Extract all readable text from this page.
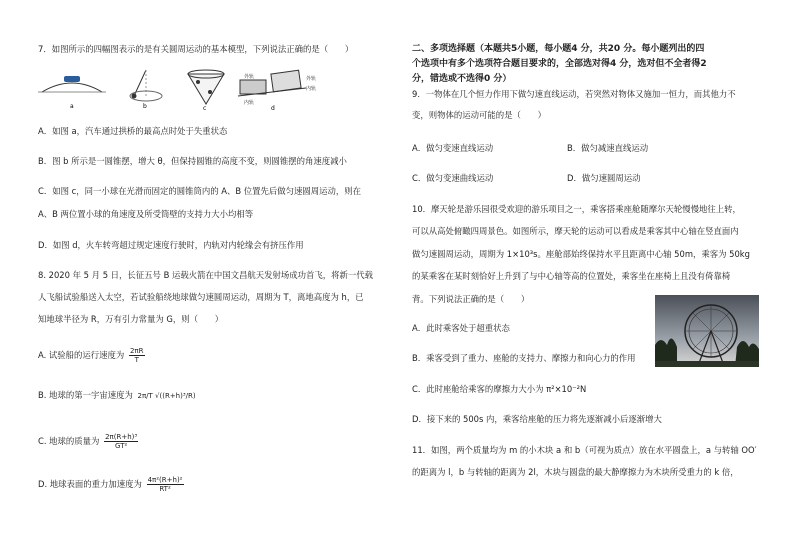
7．如图所示的四幅图表示的是有关圆周运动的基本模型，下列说法正确的是（　　）
外轨
内轨
外轨
内轨
a	b	c	d
A．如图 a，汽车通过拱桥的最高点时处于失重状态
B．图 b 所示是一圆锥摆，增大 θ，但保持圆锥的高度不变，则圆锥摆的角速度减小
C．如图 c，同一小球在光滑而固定的圆锥筒内的 A、B 位置先后做匀速圆周运动，则在
A、B 两位置小球的角速度及所受筒壁的支持力大小均相等
D．如图 d，火车转弯超过规定速度行驶时，内轨对内轮缘会有挤压作用
8. 2020 年 5 月 5 日，长征五号 B 运载火箭在中国文昌航天发射场成功首飞，将新一代载
人飞船试验船送入太空，若试验船绕地球做匀速圆周运动，周期为 T，离地高度为 h，已
知地球半径为 R，万有引力常量为 G，则（　　）
A. 试验船的运行速度为 $\frac{2\pi R}{T}$
B. 地球的第一宇宙速度为 2π/T √((R+h)³/R)
C. 地球的质量为 $\frac{\text{2π(R+h)³}}{\text{GT²}}$
D. 地球表面的重力加速度为 $\frac{\text{4π²(R+h)²}}{\text{RT²}}$
二、多项选择题（本题共5小题，每小题4 分，共20 分。每小题列出的四
个选项中有多个选项符合题目要求的，全部选对得4 分，选对但不全者得2
分，错选或不选得0 分）
9．一物体在几个恒力作用下做匀速直线运动，若突然对物体又施加一恒力，而其他力不
变，则物体的运动可能的是（　　）
A．做匀变速直线运动	B．做匀减速直线运动
C．做匀变速曲线运动	D．做匀速圆周运动
10．摩天轮是游乐园很受欢迎的游乐项目之一，乘客搭乘座舱随摩尔天轮慢慢地往上转，
可以从高处俯瞰四周景色。如图所示，摩天轮的运动可以看成是乘客其中心轴在竖直面内
做匀速圆周运动，周期为 1×10³s。座舱部始终保持水平且距离中心轴 50m，乘客为 50kg
的某乘客在某时刻恰好上升到了与中心轴等高的位置处，乘客坐在座椅上且没有倚靠椅
背。下列说法正确的是（　　）
A．此时乘客处于超重状态
B．乘客受到了重力、座舱的支持力、摩擦力和向心力的作用
C．此时座舱给乘客的摩擦力大小为 π²×10⁻²N
D．接下来的 500s 内，乘客给座舱的压力将先逐渐减小后逐渐增大
11．如图，两个质量均为 m 的小木块 a 和 b（可视为质点）放在水平圆盘上，a 与转轴 OO′
的距离为 l，b 与转轴的距离为 2l，木块与圆盘的最大静摩擦力为木块所受重力的 k 倍，
